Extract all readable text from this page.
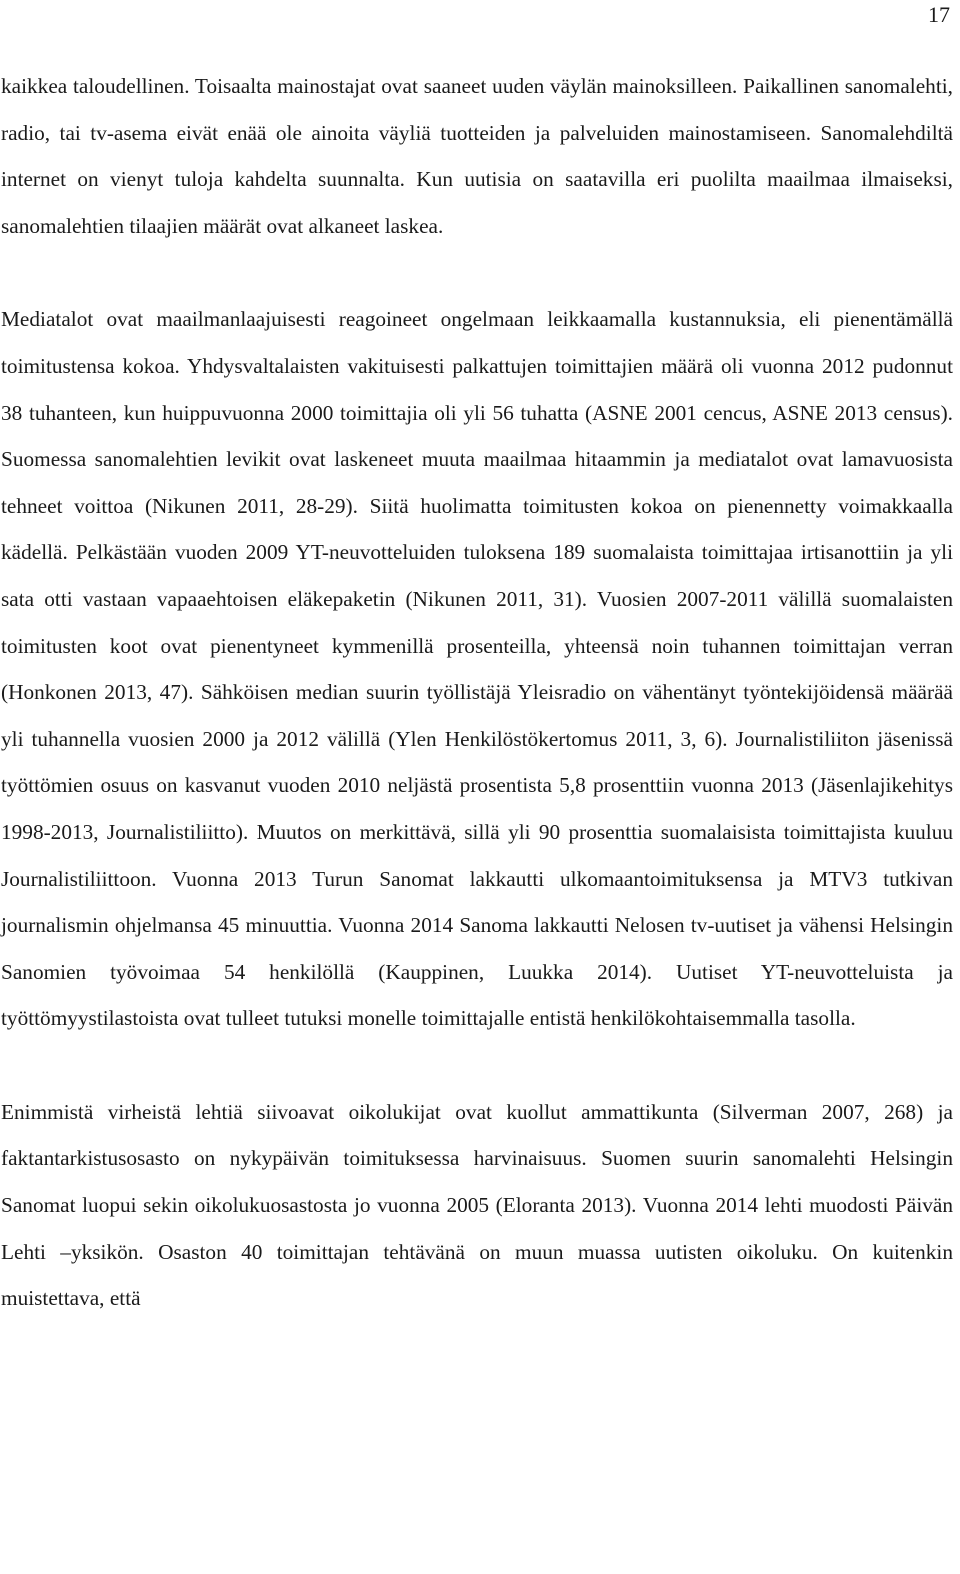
17

kaikkea taloudellinen. Toisaalta mainostajat ovat saaneet uuden väylän mainoksilleen. Paikallinen sanomalehti, radio, tai tv-asema eivät enää ole ainoita väyliä tuotteiden ja palveluiden mainostamiseen. Sanomalehdiltä internet on vienyt tuloja kahdelta suunnalta. Kun uutisia on saatavilla eri puolilta maailmaa ilmaiseksi, sanomalehtien tilaajien määrät ovat alkaneet laskea.

Mediatalot ovat maailmanlaajuisesti reagoineet ongelmaan leikkaamalla kustannuksia, eli pienentämällä toimitustensa kokoa. Yhdysvaltalaisten vakituisesti palkattujen toimittajien määrä oli vuonna 2012 pudonnut 38 tuhanteen, kun huippuvuonna 2000 toimittajia oli yli 56 tuhatta (ASNE 2001 cencus, ASNE 2013 census). Suomessa sanomalehtien levikit ovat laskeneet muuta maailmaa hitaammin ja mediatalot ovat lamavuosista tehneet voittoa (Nikunen 2011, 28-29). Siitä huolimatta toimitusten kokoa on pienennetty voimakkaalla kädellä. Pelkästään vuoden 2009 YT-neuvotteluiden tuloksena 189 suomalaista toimittajaa irtisanottiin ja yli sata otti vastaan vapaaehtoisen eläkepaketin (Nikunen 2011, 31). Vuosien 2007-2011 välillä suomalaisten toimitusten koot ovat pienentyneet kymmenillä prosenteilla, yhteensä noin tuhannen toimittajan verran (Honkonen 2013, 47). Sähköisen median suurin työllistäjä Yleisradio on vähentänyt työntekijöidensä määrää yli tuhannella vuosien 2000 ja 2012 välillä (Ylen Henkilöstökertomus 2011, 3, 6). Journalistiliiton jäsenissä työttömien osuus on kasvanut vuoden 2010 neljästä prosentista 5,8 prosenttiin vuonna 2013 (Jäsenlajikehitys 1998-2013, Journalistiliitto). Muutos on merkittävä, sillä yli 90 prosenttia suomalaisista toimittajista kuuluu Journalistiliittoon. Vuonna 2013 Turun Sanomat lakkautti ulkomaantoimituksensa ja MTV3 tutkivan journalismin ohjelmansa 45 minuuttia. Vuonna 2014 Sanoma lakkautti Nelosen tv-uutiset ja vähensi Helsingin Sanomien työvoimaa 54 henkilöllä (Kauppinen, Luukka 2014). Uutiset YT-neuvotteluista ja työttömyystilastoista ovat tulleet tutuksi monelle toimittajalle entistä henkilökohtaisemmalla tasolla.

Enimmistä virheistä lehtiä siivoavat oikolukijat ovat kuollut ammattikunta (Silverman 2007, 268) ja faktantarkistusosasto on nykypäivän toimituksessa harvinaisuus. Suomen suurin sanomalehti Helsingin Sanomat luopui sekin oikolukuosastosta jo vuonna 2005 (Eloranta 2013). Vuonna 2014 lehti muodosti Päivän Lehti –yksikön. Osaston 40 toimittajan tehtävänä on muun muassa uutisten oikoluku. On kuitenkin muistettava, että
